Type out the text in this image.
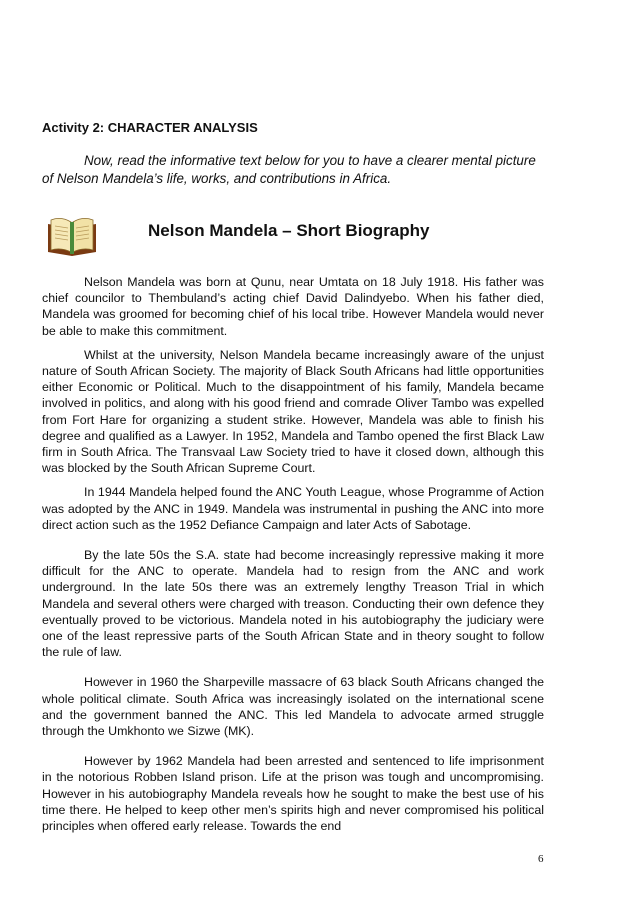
Activity 2: CHARACTER ANALYSIS

Now, read the informative text below for you to have a clearer mental picture of Nelson Mandela’s life, works, and contributions in Africa.

Nelson Mandela – Short Biography

Nelson Mandela was born at Qunu, near Umtata on 18 July 1918. His father was chief councilor to Thembuland’s acting chief David Dalindyebo. When his father died, Mandela was groomed for becoming chief of his local tribe. However Mandela would never be able to make this commitment.

Whilst at the university, Nelson Mandela became increasingly aware of the unjust nature of South African Society. The majority of Black South Africans had little opportunities either Economic or Political. Much to the disappointment of his family, Mandela became involved in politics, and along with his good friend and comrade Oliver Tambo was expelled from Fort Hare for organizing a student strike. However, Mandela was able to finish his degree and qualified as a Lawyer. In 1952, Mandela and Tambo opened the first Black Law firm in South Africa. The Transvaal Law Society tried to have it closed down, although this was blocked by the South African Supreme Court.

In 1944 Mandela helped found the ANC Youth League, whose Programme of Action was adopted by the ANC in 1949. Mandela was instrumental in pushing the ANC into more direct action such as the 1952 Defiance Campaign and later Acts of Sabotage.

By the late 50s the S.A. state had become increasingly repressive making it more difficult for the ANC to operate. Mandela had to resign from the ANC and work underground. In the late 50s there was an extremely lengthy Treason Trial in which Mandela and several others were charged with treason. Conducting their own defence they eventually proved to be victorious. Mandela noted in his autobiography the judiciary were one of the least repressive parts of the South African State and in theory sought to follow the rule of law.

However in 1960 the Sharpeville massacre of 63 black South Africans changed the whole political climate. South Africa was increasingly isolated on the international scene and the government banned the ANC. This led Mandela to advocate armed struggle through the Umkhonto we Sizwe (MK).

However by 1962 Mandela had been arrested and sentenced to life imprisonment in the notorious Robben Island prison. Life at the prison was tough and uncompromising. However in his autobiography Mandela reveals how he sought to make the best use of his time there. He helped to keep other men’s spirits high and never compromised his political principles when offered early release. Towards the end

6
